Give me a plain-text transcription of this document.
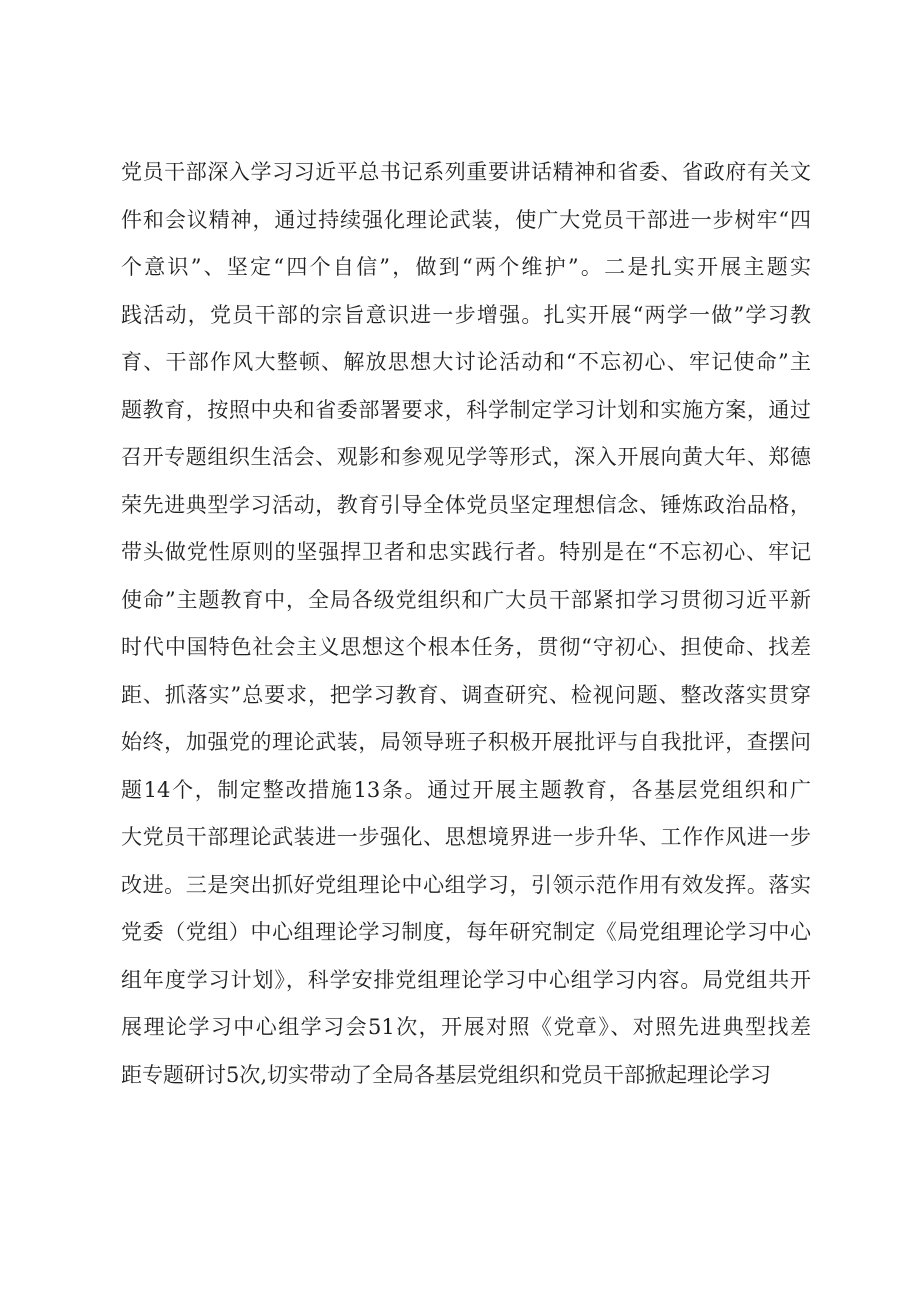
党员干部深入学习习近平总书记系列重要讲话精神和省委、省政府有关文
件和会议精神，通过持续强化理论武装，使广大党员干部进一步树牢“四
个意识”、坚定“四个自信”，做到“两个维护”。二是扎实开展主题实
践活动，党员干部的宗旨意识进一步增强。扎实开展“两学一做”学习教
育、干部作风大整顿、解放思想大讨论活动和“不忘初心、牢记使命”主
题教育，按照中央和省委部署要求，科学制定学习计划和实施方案，通过
召开专题组织生活会、观影和参观见学等形式，深入开展向黄大年、郑德
荣先进典型学习活动，教育引导全体党员坚定理想信念、锤炼政治品格，
带头做党性原则的坚强捍卫者和忠实践行者。特别是在“不忘初心、牢记
使命”主题教育中，全局各级党组织和广大员干部紧扣学习贯彻习近平新
时代中国特色社会主义思想这个根本任务，贯彻“守初心、担使命、找差
距、抓落实”总要求，把学习教育、调查研究、检视问题、整改落实贯穿
始终，加强党的理论武装，局领导班子积极开展批评与自我批评，查摆问
题14个，制定整改措施13条。通过开展主题教育，各基层党组织和广
大党员干部理论武装进一步强化、思想境界进一步升华、工作作风进一步
改进。三是突出抓好党组理论中心组学习，引领示范作用有效发挥。落实
党委（党组）中心组理论学习制度，每年研究制定《局党组理论学习中心
组年度学习计划》，科学安排党组理论学习中心组学习内容。局党组共开
展理论学习中心组学习会51次，开展对照《党章》、对照先进典型找差
距专题研讨5次,切实带动了全局各基层党组织和党员干部掀起理论学习
